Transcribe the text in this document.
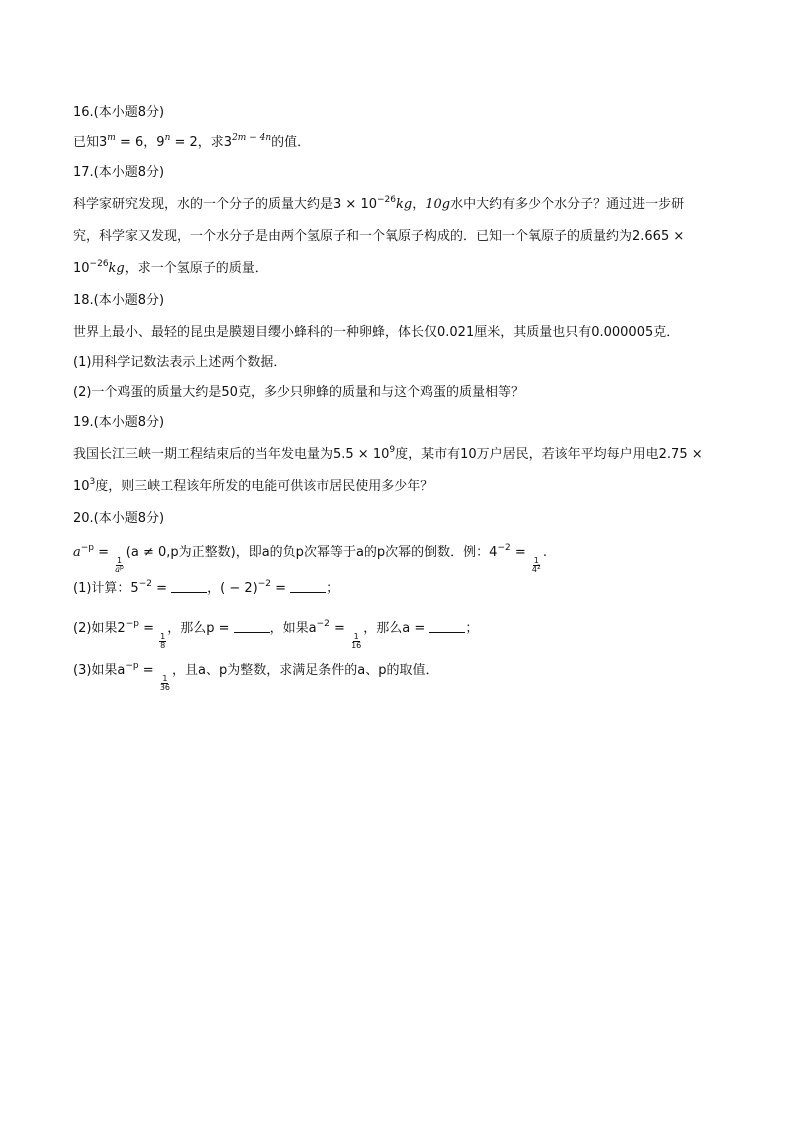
16.(本小题8分)
已知$3^m = 6$，$9^n = 2$，求$3^{2m - 4n}$的值．
17.(本小题8分)
科学家研究发现，水的一个分子的质量大约是$3 \times 10^{-26}kg$，10g水中大约有多少个水分子？通过进一步研
究，科学家又发现，一个水分子是由两个氢原子和一个氧原子构成的．已知一个氧原子的质量约为2.665 ×
$10^{-26}kg$，求一个氢原子的质量．
18.(本小题8分)
世界上最小、最轻的昆虫是膜翅目缨小蜂科的一种卵蜂，体长仅0.021厘米，其质量也只有0.000005克．
(1)用科学记数法表示上述两个数据．
(2)一个鸡蛋的质量大约是50克，多少只卵蜂的质量和与这个鸡蛋的质量相等？
19.(本小题8分)
我国长江三峡一期工程结束后的当年发电量为$5.5 \times 10^9$度，某市有10万户居民，若该年平均每户用电2.75 ×
$10^3$度，则三峡工程该年所发的电能可供该市居民使用多少年？
20.(本小题8分)
$a^{-p}$ =
$\frac{1}{a^p}$
(a ≠ 0,p为正整数)，即a的负p次幂等于a的p次幂的倒数．例：$4^{-2}$ =
$\frac{1}{4^2}$
.
(1)计算：$5^{-2}$ =	，( − 2)$^{-2}$ =	；
(2)如果$2^{-p}$ =
$\frac{1}{8}$
，那么p =	，如果$a^{-2}$ =
$\frac{1}{16}$
，那么a =	；
(3)如果$a^{-p}$ =
$\frac{1}{36}$
，且a、p为整数，求满足条件的a、p的取值．
